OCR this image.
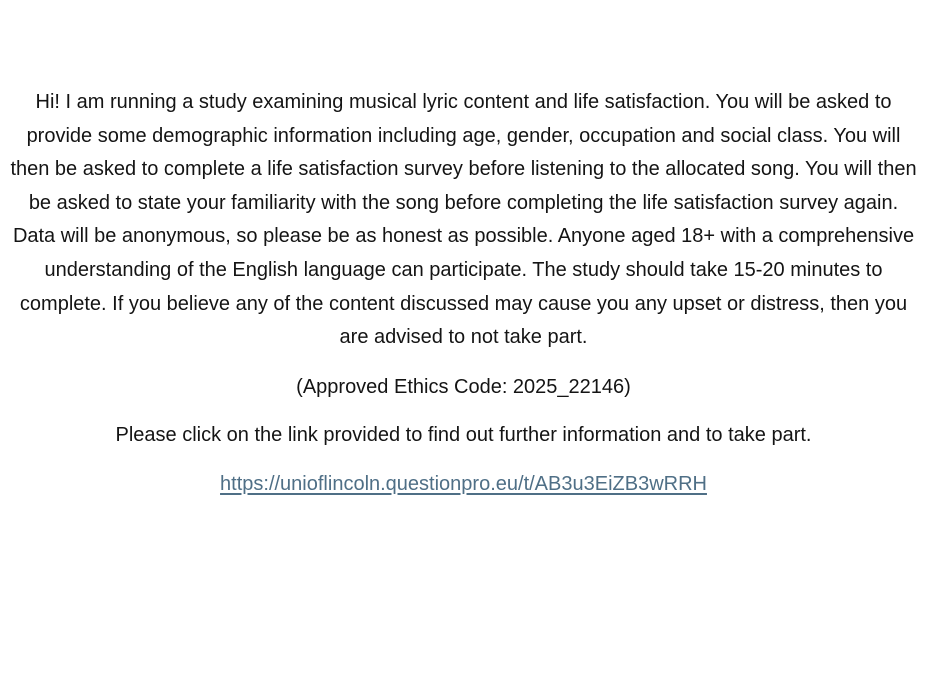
Hi! I am running a study examining musical lyric content and life satisfaction. You will be asked to provide some demographic information including age, gender, occupation and social class. You will then be asked to complete a life satisfaction survey before listening to the allocated song. You will then be asked to state your familiarity with the song before completing the life satisfaction survey again. Data will be anonymous, so please be as honest as possible. Anyone aged 18+ with a comprehensive understanding of the English language can participate. The study should take 15-20 minutes to complete. If you believe any of the content discussed may cause you any upset or distress, then you are advised to not take part.

(Approved Ethics Code: 2025_22146)

Please click on the link provided to find out further information and to take part.

https://unioflincoln.questionpro.eu/t/AB3u3EiZB3wRRH
